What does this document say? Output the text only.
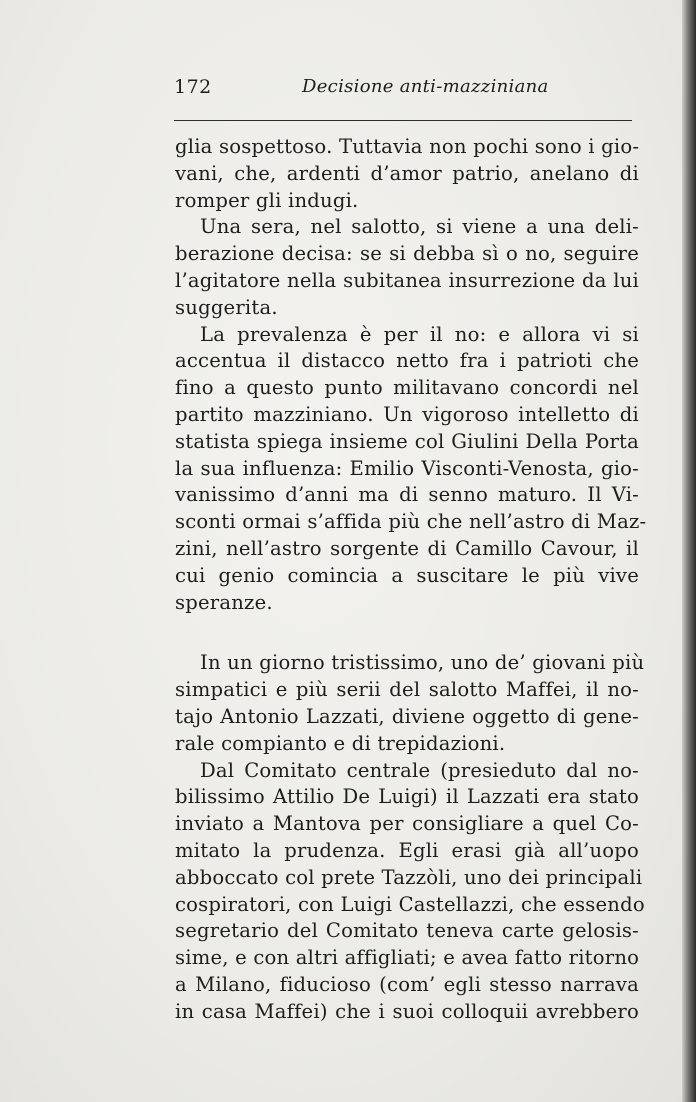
172	Decisione anti-mazziniana
glia sospettoso. Tuttavia non pochi sono i gio-
vani, che, ardenti d’amor patrio, anelano di
romper gli indugi.
Una sera, nel salotto, si viene a una deli-
berazione decisa: se si debba sì o no, seguire
l’agitatore nella subitanea insurrezione da lui
suggerita.
La prevalenza è per il no: e allora vi si
accentua il distacco netto fra i patrioti che
fino a questo punto militavano concordi nel
partito mazziniano. Un vigoroso intelletto di
statista spiega insieme col Giulini Della Porta
la sua influenza: Emilio Visconti-Venosta, gio-
vanissimo d’anni ma di senno maturo. Il Vi-
sconti ormai s’affida più che nell’astro di Maz-
zini, nell’astro sorgente di Camillo Cavour, il
cui genio comincia a suscitare le più vive
speranze.
In un giorno tristissimo, uno de’ giovani più
simpatici e più serii del salotto Maffei, il no-
tajo Antonio Lazzati, diviene oggetto di gene-
rale compianto e di trepidazioni.
Dal Comitato centrale (presieduto dal no-
bilissimo Attilio De Luigi) il Lazzati era stato
inviato a Mantova per consigliare a quel Co-
mitato la prudenza. Egli erasi già all’uopo
abboccato col prete Tazzòli, uno dei principali
cospiratori, con Luigi Castellazzi, che essendo
segretario del Comitato teneva carte gelosis-
sime, e con altri affigliati; e avea fatto ritorno
a Milano, fiducioso (com’ egli stesso narrava
in casa Maffei) che i suoi colloquii avrebbero
